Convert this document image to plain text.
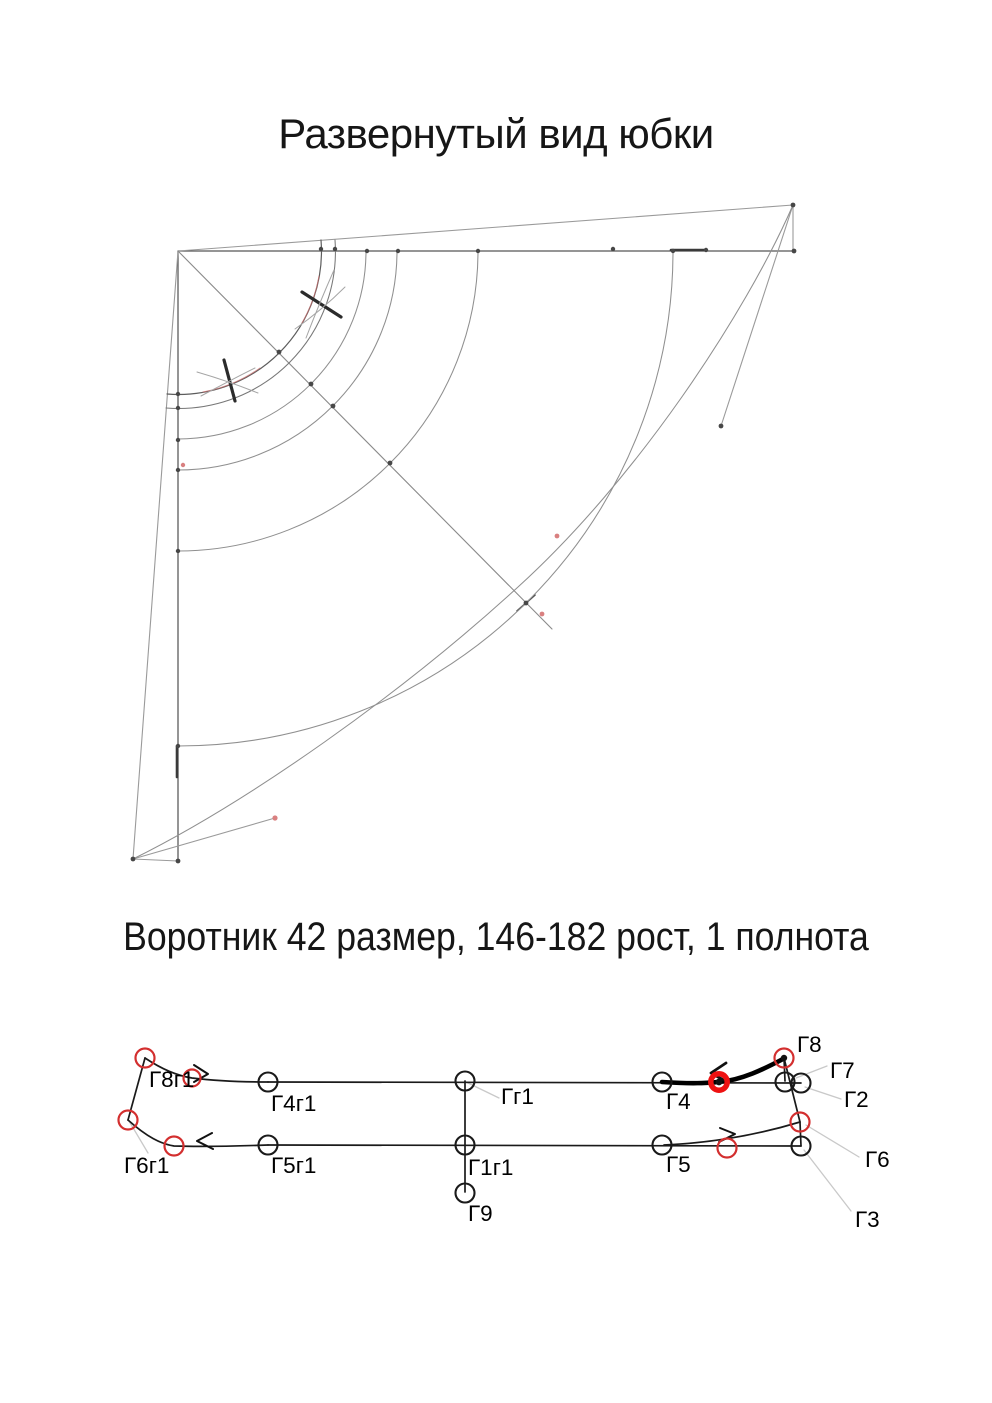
Развернутый вид юбки
Воротник 42 размер, 146-182 рост, 1 полнота
Г8г1
Г4г1	Гг1	Г4
Г8
Г7
Г2
Г6
Г3
Г6г1	Г5г1	Г1г1	Г5
Г9
